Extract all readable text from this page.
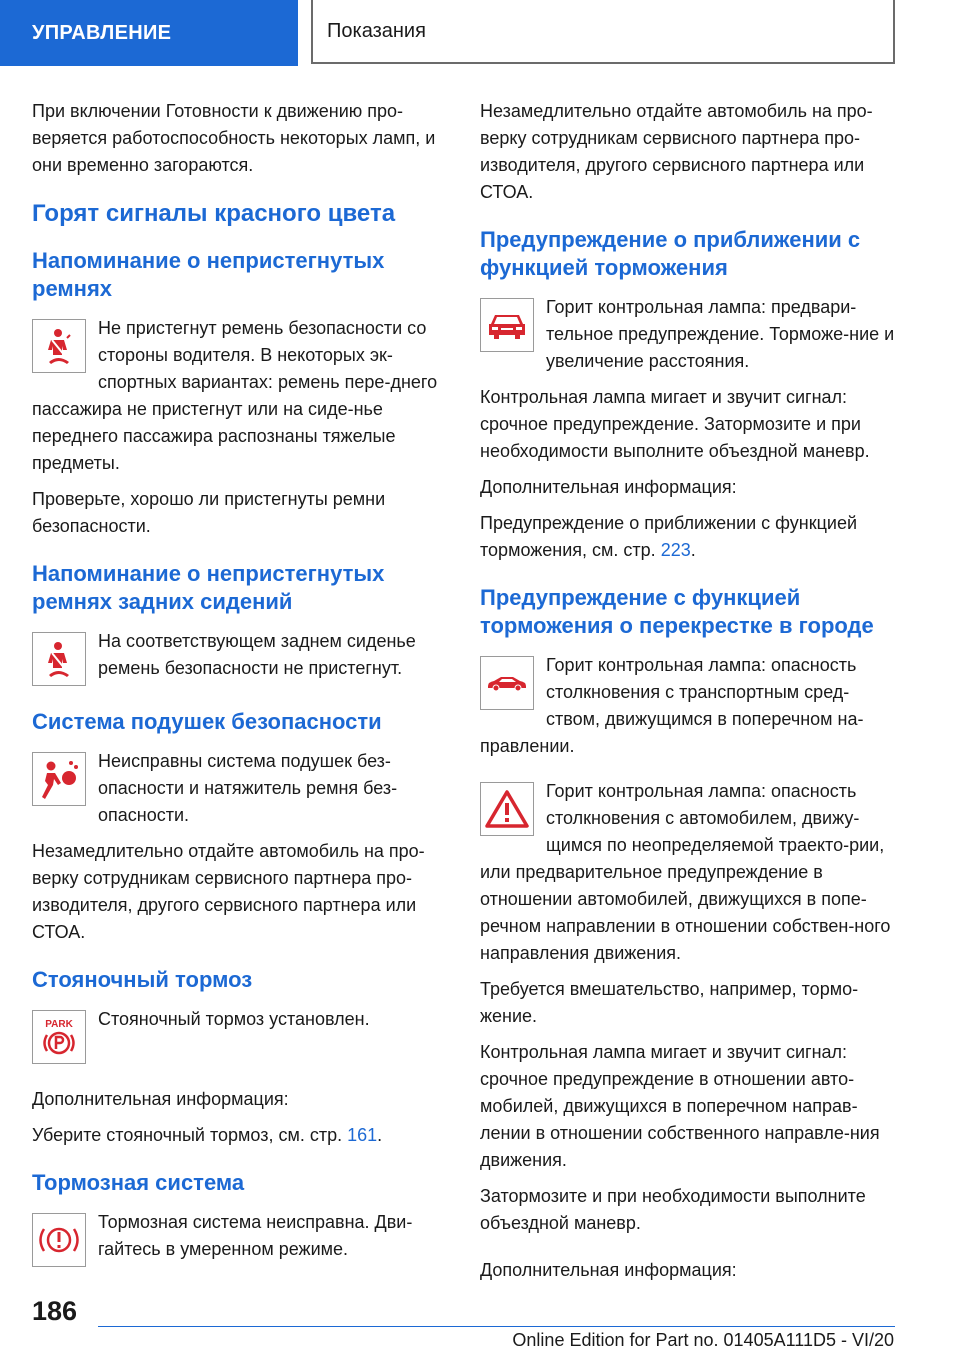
УПРАВЛЕНИЕ	Показания

При включении Готовности к движению про-веряется работоспособность некоторых ламп, и они временно загораются.

Горят сигналы красного цвета
Напоминание о непристегнутых ремнях

Не пристегнут ремень безопасности со стороны водителя. В некоторых эк-спортных вариантах: ремень пере-днего пассажира не пристегнут или на сиде-нье переднего пассажира распознаны тяжелые предметы.

Проверьте, хорошо ли пристегнуты ремни безопасности.

Напоминание о непристегнутых ремнях задних сидений

На соответствующем заднем сиденье ремень безопасности не пристегнут.

Система подушек безопасности

Неисправны система подушек без-опасности и натяжитель ремня без-опасности.

Незамедлительно отдайте автомобиль на про-верку сотрудникам сервисного партнера про-изводителя, другого сервисного партнера или СТОА.

Стояночный тормоз
PARK	Стояночный тормоз установлен.

Дополнительная информация:

Уберите стояночный тормоз, см. стр. 161.

Тормозная система

Тормозная система неисправна. Дви-гайтесь в умеренном режиме.

Незамедлительно отдайте автомобиль на про-верку сотрудникам сервисного партнера про-изводителя, другого сервисного партнера или СТОА.

Предупреждение о приближении с функцией торможения

Горит контрольная лампа: предвари-тельное предупреждение. Торможе-ние и увеличение расстояния.

Контрольная лампа мигает и звучит сигнал: срочное предупреждение. Затормозите и при необходимости выполните объездной маневр.

Дополнительная информация:

Предупреждение о приближении с функцией торможения, см. стр. 223.

Предупреждение с функцией торможения о перекрестке в городе

Горит контрольная лампа: опасность столкновения с транспортным сред-ством, движущимся в поперечном на-правлении.

Горит контрольная лампа: опасность столкновения с автомобилем, движу-щимся по неопределяемой траекто-рии, или предварительное предупреждение в отношении автомобилей, движущихся в попе-речном направлении в отношении собствен-ного направления движения.

Требуется вмешательство, например, тормо-жение.

Контрольная лампа мигает и звучит сигнал: срочное предупреждение в отношении авто-мобилей, движущихся в поперечном направ-лении в отношении собственного направле-ния движения.

Затормозите и при необходимости выполните объездной маневр.

Дополнительная информация:

186
Online Edition for Part no. 01405A111D5 - VI/20
